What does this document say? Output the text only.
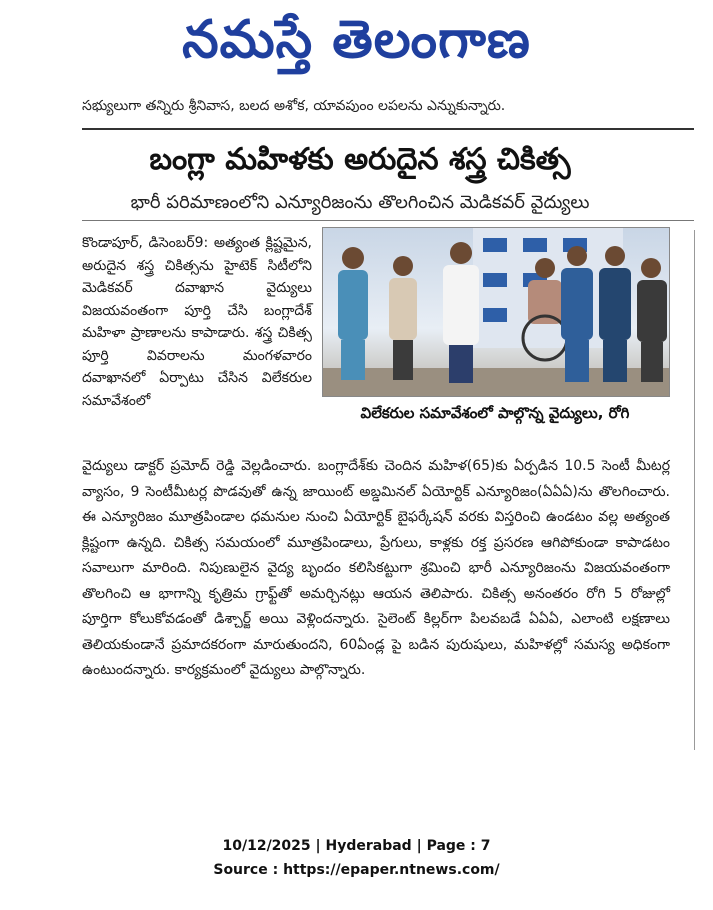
నమస్తే తెలంగాణ
సభ్యులుగా తన్నిరు శ్రీనివాస, బలద అశోక, యావపుంం లపలను ఎన్నుకున్నారు.
బంగ్లా మహిళకు అరుదైన శస్త్ర చికిత్స
భారీ పరిమాణంలోని ఎన్యూరిజంను తొలగించిన మెడికవర్ వైద్యులు
కొండాపూర్, డిసెంబర్9: అత్యంత క్లిష్టమైన, అరుదైన శస్త్ర చికిత్సను హైటెక్ సిటీలోని మెడికవర్ దవాఖాన వైద్యులు విజయవంతంగా పూర్తి చేసి బంగ్లాదేశ్ మహిళా ప్రాణాలను కాపాడారు. శస్త్ర చికిత్స పూర్తి వివరాలను మంగళవారం దవాఖానలో ఏర్పాటు చేసిన విలేకరుల సమావేశంలో
విలేకరుల సమావేశంలో పాల్గొన్న వైద్యులు, రోగి
వైద్యులు డాక్టర్ ప్రమోద్ రెడ్డి వెల్లడించారు. బంగ్లాదేశ్‌కు చెందిన మహిళ(65)కు ఏర్పడిన 10.5 సెంటీ మీటర్ల వ్యాసం, 9 సెంటీమీటర్ల పొడవుతో ఉన్న జాయింట్ అబ్డమినల్ ఏయోర్టిక్ ఎన్యూరిజం(ఏఏఏ)ను తొలగించారు. ఈ ఎన్యూరిజం మూత్రపిండాల ధమనుల నుంచి ఏయోర్టిక్ బైఫర్కేషన్ వరకు విస్తరించి ఉండటం వల్ల అత్యంత క్లిష్టంగా ఉన్నది. చికిత్స సమయంలో మూత్రపిండాలు, ప్రేగులు, కాళ్లకు రక్త ప్రసరణ ఆగిపోకుండా కాపాడటం సవాలుగా మారింది. నిపుణులైన వైద్య బృందం కలిసికట్టుగా శ్రమించి భారీ ఎన్యూరిజంను విజయవంతంగా తొలగించి ఆ భాగాన్ని కృత్రిమ గ్రాఫ్ట్‌తో అమర్చినట్లు ఆయన తెలిపారు. చికిత్స అనంతరం రోగి 5 రోజుల్లో పూర్తిగా కోలుకోవడంతో డిశ్చార్జ్ అయి వెళ్లిందన్నారు. సైలెంట్ కిల్లర్‌గా పిలవబడే ఏఏఏ, ఎలాంటి లక్షణాలు తెలియకుండానే ప్రమాదకరంగా మారుతుందని, 60ఏండ్ల పై బడిన పురుషులు, మహిళల్లో సమస్య అధికంగా ఉంటుందన్నారు. కార్యక్రమంలో వైద్యులు పాల్గొన్నారు.
10/12/2025 | Hyderabad | Page : 7
Source : https://epaper.ntnews.com/
